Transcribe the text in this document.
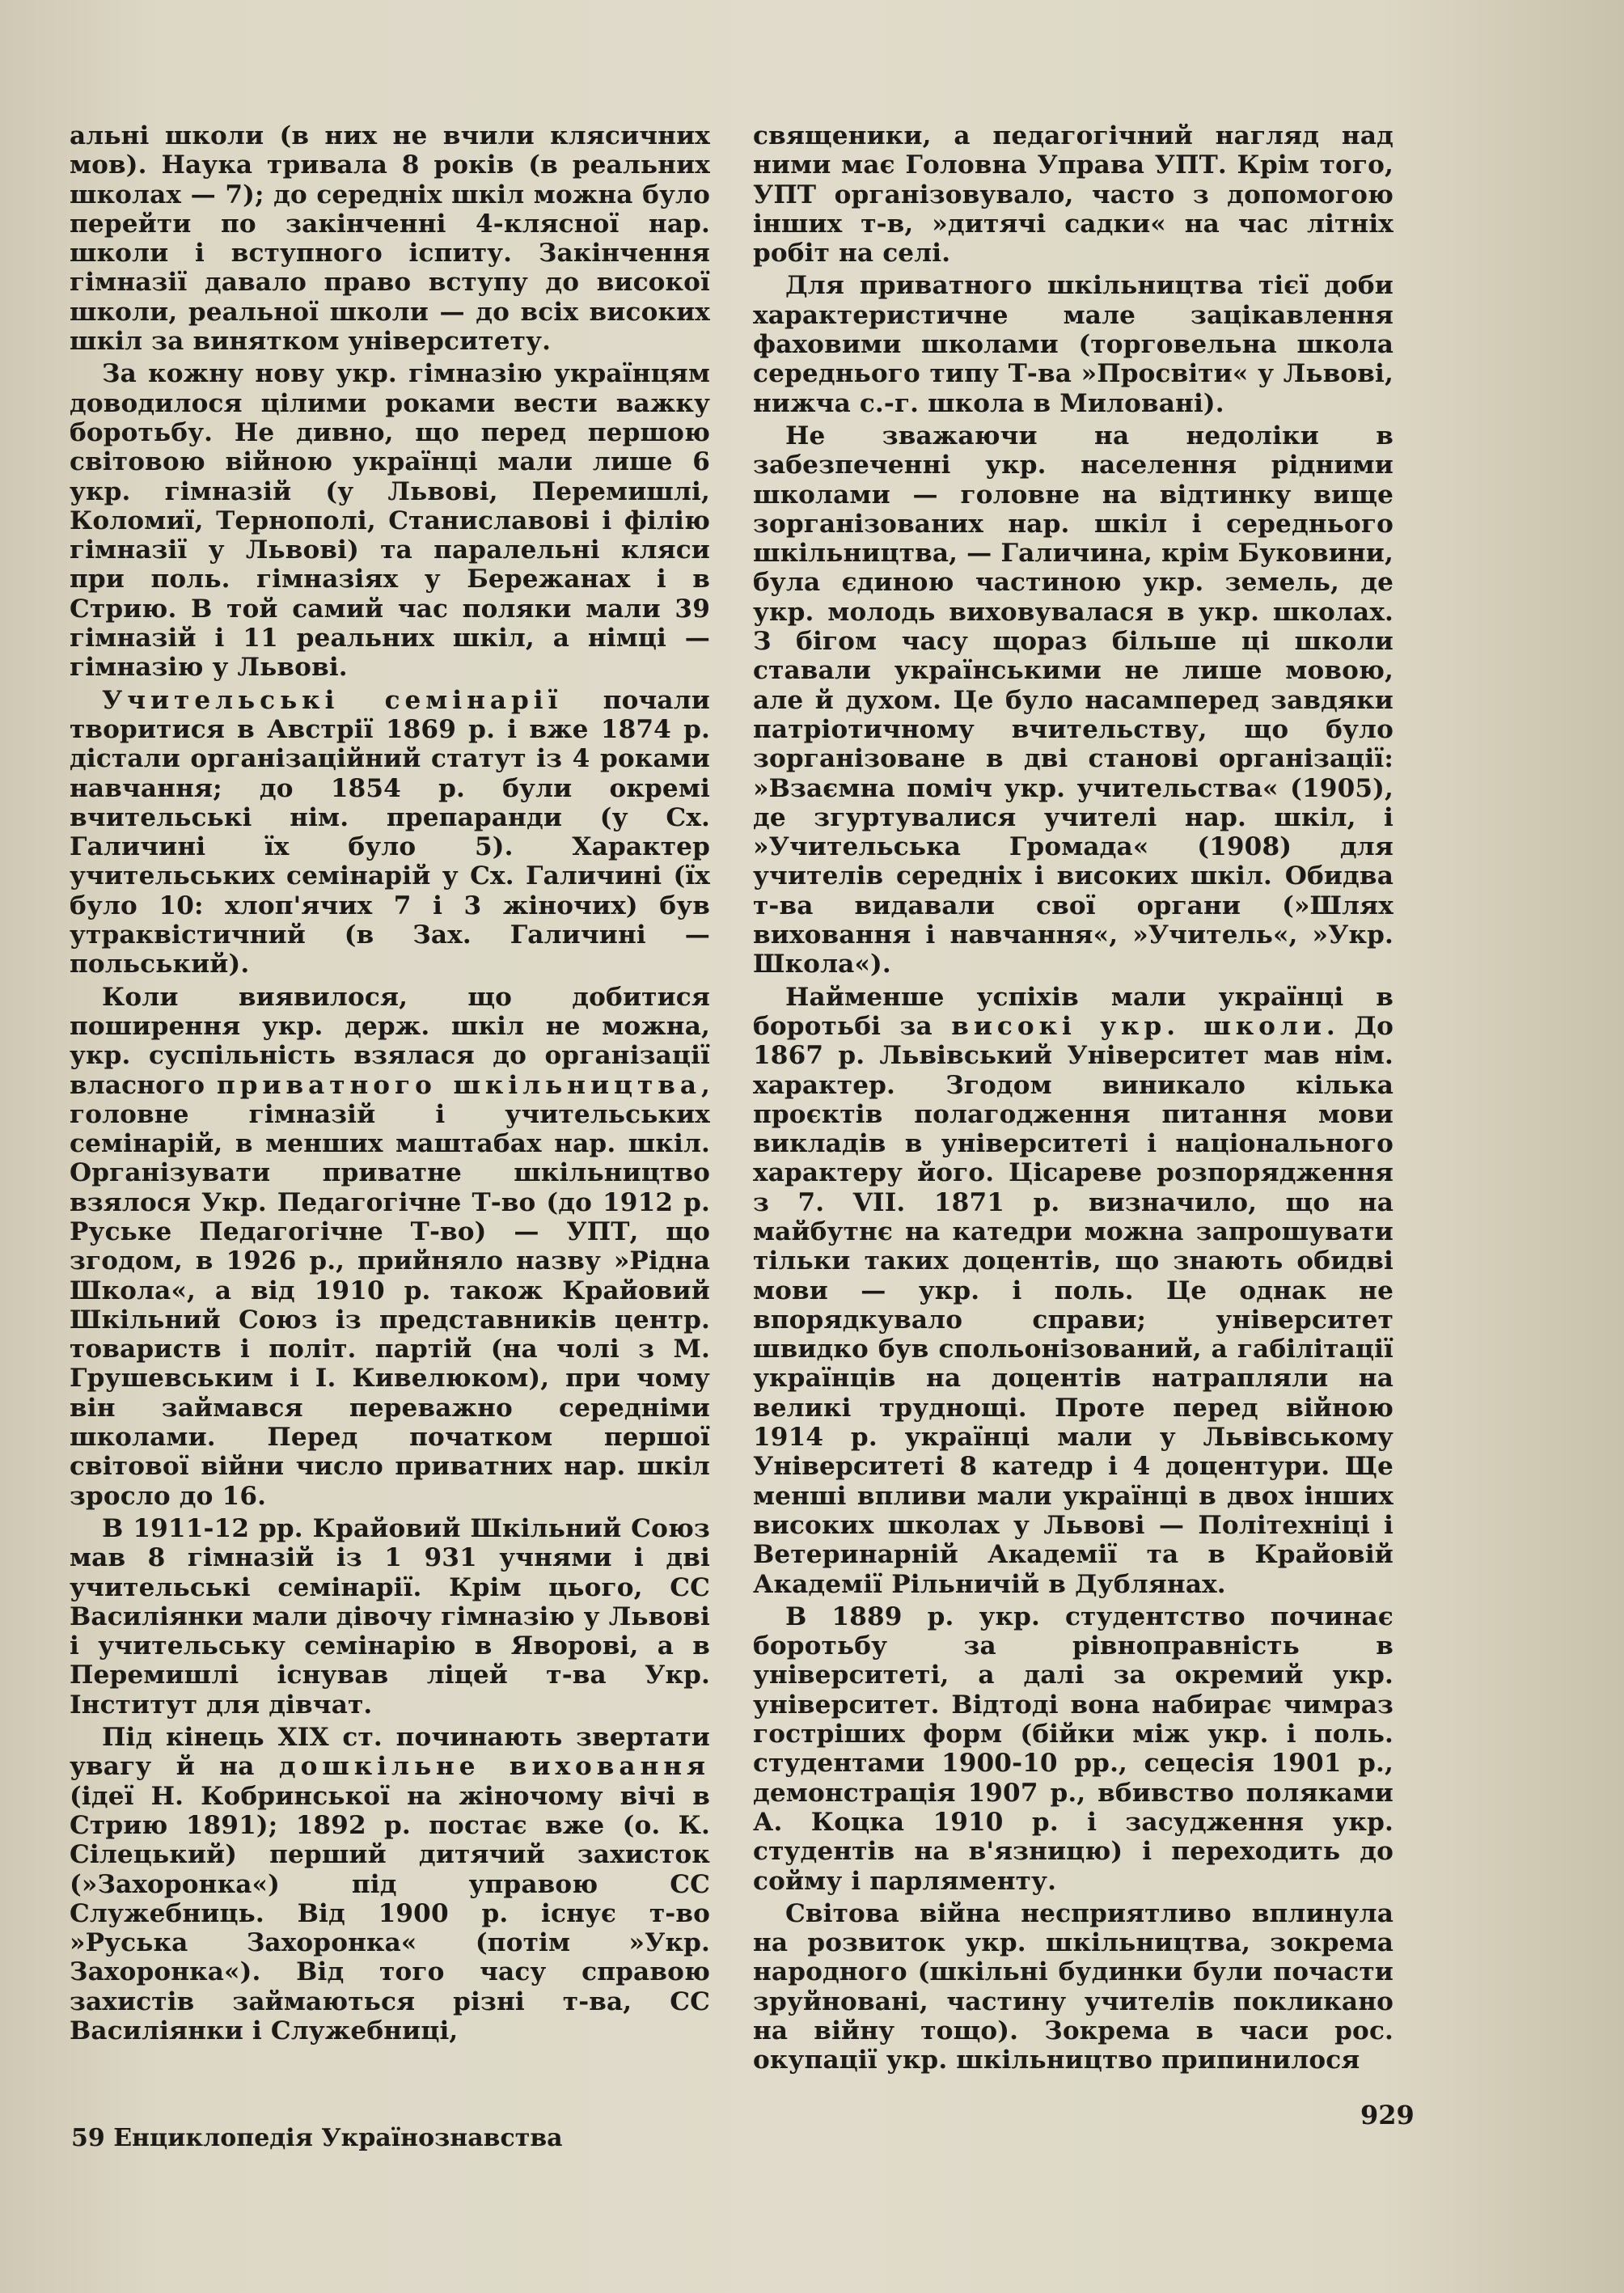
альні школи (в них не вчили клясичних мов). Наука тривала 8 років (в реальних школах — 7); до середніх шкіл можна було перейти по закінченні 4-клясної нар. школи і вступного іспиту. Закінчення гімназії давало право вступу до високої школи, реальної школи — до всіх високих шкіл за винятком університету.

За кожну нову укр. гімназію українцям доводилося цілими роками вести важку боротьбу. Не дивно, що перед першою світовою війною українці мали лише 6 укр. гімназій (у Львові, Перемишлі, Коломиї, Тернополі, Станиславові і філію гімназії у Львові) та паралельні кляси при поль. гімназіях у Бережанах і в Стрию. В той самий час поляки мали 39 гімназій і 11 реальних шкіл, а німці — гімназію у Львові.

Учительські семінарії почали творитися в Австрії 1869 р. і вже 1874 р. дістали організаційний статут із 4 роками навчання; до 1854 р. були окремі вчительські нім. препаранди (у Сх. Галичині їх було 5). Характер учительських семінарій у Сх. Галичині (їх було 10: хлоп'ячих 7 і 3 жіночих) був утраквістичний (в Зах. Галичині — польський).

Коли виявилося, що добитися поширення укр. держ. шкіл не можна, укр. суспільність взялася до організації власного приватного шкільництва, головне гімназій і учительських семінарій, в менших маштабах нар. шкіл. Організувати приватне шкільництво взялося Укр. Педагогічне Т-во (до 1912 р. Руське Педагогічне Т-во) — УПТ, що згодом, в 1926 р., прийняло назву »Рідна Школа«, а від 1910 р. також Крайовий Шкільний Союз із представників центр. товариств і політ. партій (на чолі з М. Грушевським і І. Кивелюком), при чому він займався переважно середніми школами. Перед початком першої світової війни число приватних нар. шкіл зросло до 16.

В 1911-12 рр. Крайовий Шкільний Союз мав 8 гімназій із 1 931 учнями і дві учительські семінарії. Крім цього, СС Василіянки мали дівочу гімназію у Львові і учительську семінарію в Яворові, а в Перемишлі існував ліцей т-ва Укр. Інститут для дівчат.

Під кінець XIX ст. починають звертати увагу й на дошкільне виховання (ідеї Н. Кобринської на жіночому вічі в Стрию 1891); 1892 р. постає вже (о. К. Сілецький) перший дитячий захисток (»Захоронка«) під управою СС Служебниць. Від 1900 р. існує т-во »Руська Захоронка« (потім »Укр. Захоронка«). Від того часу справою захистів займаються різні т-ва, СС Василіянки і Служебниці,

священики, а педагогічний нагляд над ними має Головна Управа УПТ. Крім того, УПТ організовувало, часто з допомогою інших т-в, »дитячі садки« на час літніх робіт на селі.

Для приватного шкільництва тієї доби характеристичне мале зацікавлення фаховими школами (торговельна школа середнього типу Т-ва »Просвіти« у Львові, нижча с.-г. школа в Миловані).

Не зважаючи на недоліки в забезпеченні укр. населення рідними школами — головне на відтинку вище зорганізованих нар. шкіл і середнього шкільництва, — Галичина, крім Буковини, була єдиною частиною укр. земель, де укр. молодь виховувалася в укр. школах. З бігом часу щораз більше ці школи ставали українськими не лише мовою, але й духом. Це було насамперед завдяки патріотичному вчительству, що було зорганізоване в дві станові організації: »Взаємна поміч укр. учительства« (1905), де згуртувалися учителі нар. шкіл, і »Учительська Громада« (1908) для учителів середніх і високих шкіл. Обидва т-ва видавали свої органи (»Шлях виховання і навчання«, »Учитель«, »Укр. Школа«).

Найменше успіхів мали українці в боротьбі за високі укр. школи. До 1867 р. Львівський Університет мав нім. характер. Згодом виникало кілька проєктів полагодження питання мови викладів в університеті і національного характеру його. Цісареве розпорядження з 7. VII. 1871 р. визначило, що на майбутнє на катедри можна запрошувати тільки таких доцентів, що знають обидві мови — укр. і поль. Це однак не впорядкувало справи; університет швидко був спольонізований, а габілітації українців на доцентів натрапляли на великі труднощі. Проте перед війною 1914 р. українці мали у Львівському Університеті 8 катедр і 4 доцентури. Ще менші впливи мали українці в двох інших високих школах у Львові — Політехніці і Ветеринарній Академії та в Крайовій Академії Рільничій в Дублянах.

В 1889 р. укр. студентство починає боротьбу за рівноправність в університеті, а далі за окремий укр. університет. Відтоді вона набирає чимраз гостріших форм (бійки між укр. і поль. студентами 1900-10 рр., сецесія 1901 р., демонстрація 1907 р., вбивство поляками А. Коцка 1910 р. і засудження укр. студентів на в'язницю) і переходить до сойму і парляменту.

Світова війна несприятливо вплинула на розвиток укр. шкільництва, зокрема народного (шкільні будинки були почасти зруйновані, частину учителів покликано на війну тощо). Зокрема в часи рос. окупації укр. шкільництво припинилося

59 Енциклопедія Українознавства
929
